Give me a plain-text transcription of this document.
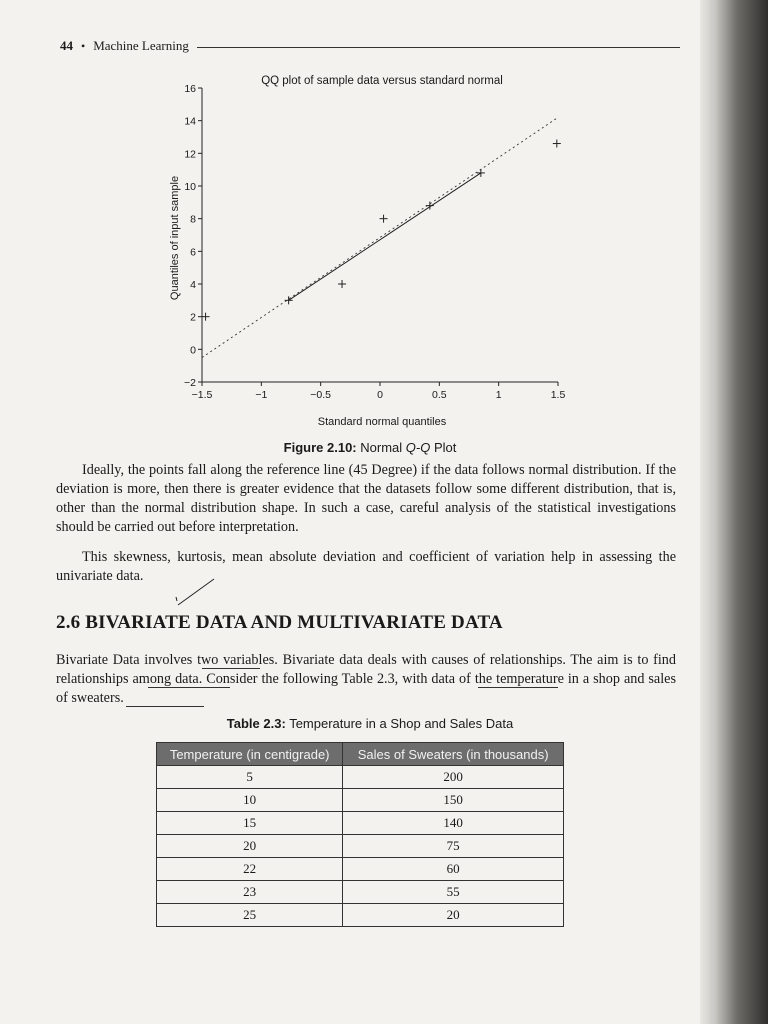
44 • Machine Learning
QQ plot of sample data versus standard normal
−1.5	−1	−0.5	0	0.5	1	1.5
−2
0
2
4
6
8
10
12
14
16
Standard normal quantiles
Quantiles of input sample
Figure 2.10: Normal Q-Q Plot

Ideally, the points fall along the reference line (45 Degree) if the data follows normal distribution. If the deviation is more, then there is greater evidence that the datasets follow some different distribution, that is, other than the normal distribution shape. In such a case, careful analysis of the statistical investigations should be carried out before interpretation.

This skewness, kurtosis, mean absolute deviation and coefficient of variation help in assessing the univariate data.

2.6 BIVARIATE DATA AND MULTIVARIATE DATA

Bivariate Data involves two variables. Bivariate data deals with causes of relationships. The aim is to find relationships among data. Consider the following Table 2.3, with data of the temperature in a shop and sales of sweaters.

Table 2.3: Temperature in a Shop and Sales Data
Temperature (in centigrade)	Sales of Sweaters (in thousands)
5	200
10	150
15	140
20	75
22	60
23	55
25	20
